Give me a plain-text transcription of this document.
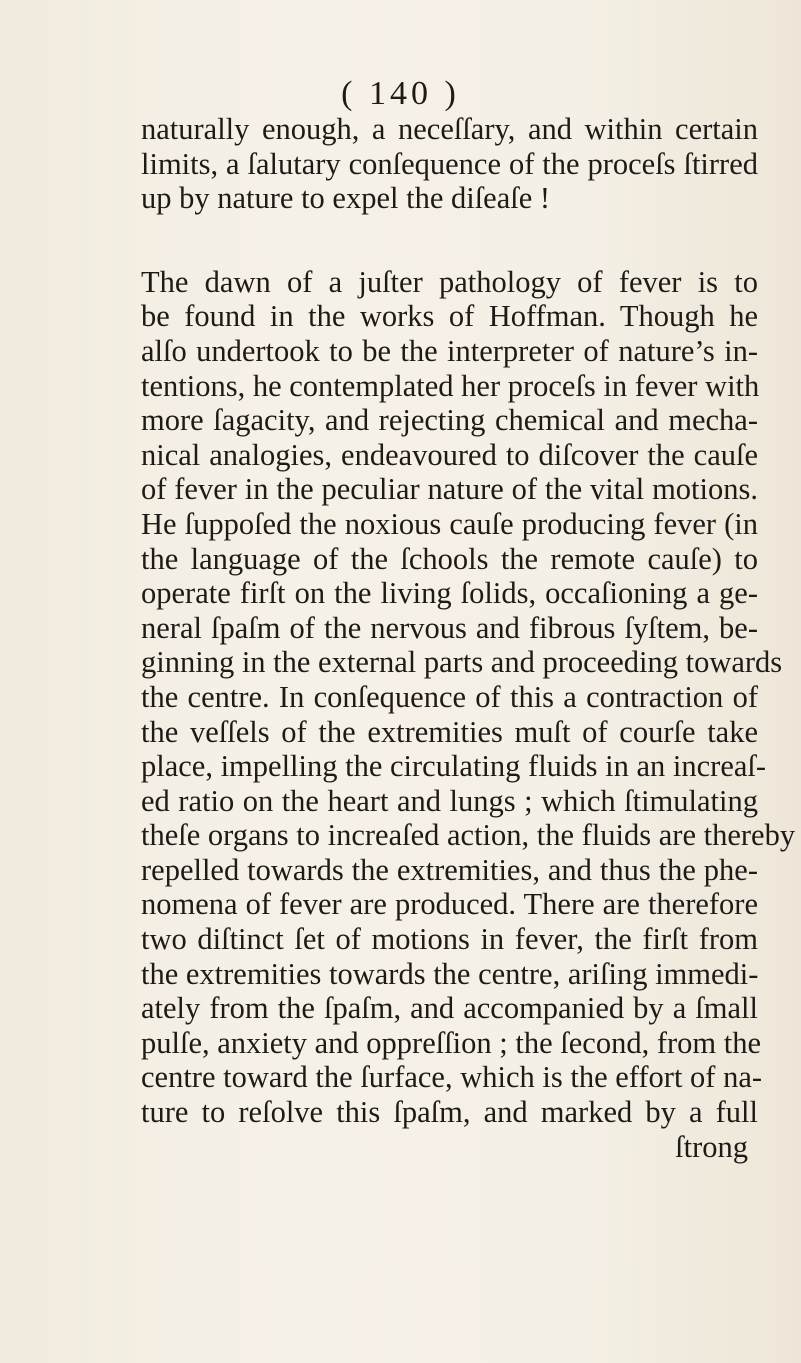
( 140 )
naturally enough, a neceſſary, and within certain
limits, a ſalutary conſequence of the proceſs ſtirred
up by nature to expel the diſeaſe !
The dawn of a juſter pathology of fever is to
be found in the works of Hoffman. Though he
alſo undertook to be the interpreter of nature’s in-
tentions, he contemplated her proceſs in fever with
more ſagacity, and rejecting chemical and mecha-
nical analogies, endeavoured to diſcover the cauſe
of fever in the peculiar nature of the vital motions.
He ſuppoſed the noxious cauſe producing fever (in
the language of the ſchools the remote cauſe) to
operate firſt on the living ſolids, occaſioning a ge-
neral ſpaſm of the nervous and fibrous ſyſtem, be-
ginning in the external parts and proceeding towards
the centre. In conſequence of this a contraction of
the veſſels of the extremities muſt of courſe take
place, impelling the circulating fluids in an increaſ-
ed ratio on the heart and lungs ; which ſtimulating
theſe organs to increaſed action, the fluids are thereby
repelled towards the extremities, and thus the phe-
nomena of fever are produced. There are therefore
two diſtinct ſet of motions in fever, the firſt from
the extremities towards the centre, ariſing immedi-
ately from the ſpaſm, and accompanied by a ſmall
pulſe, anxiety and oppreſſion ; the ſecond, from the
centre toward the ſurface, which is the effort of na-
ture to reſolve this ſpaſm, and marked by a full
ſtrong
